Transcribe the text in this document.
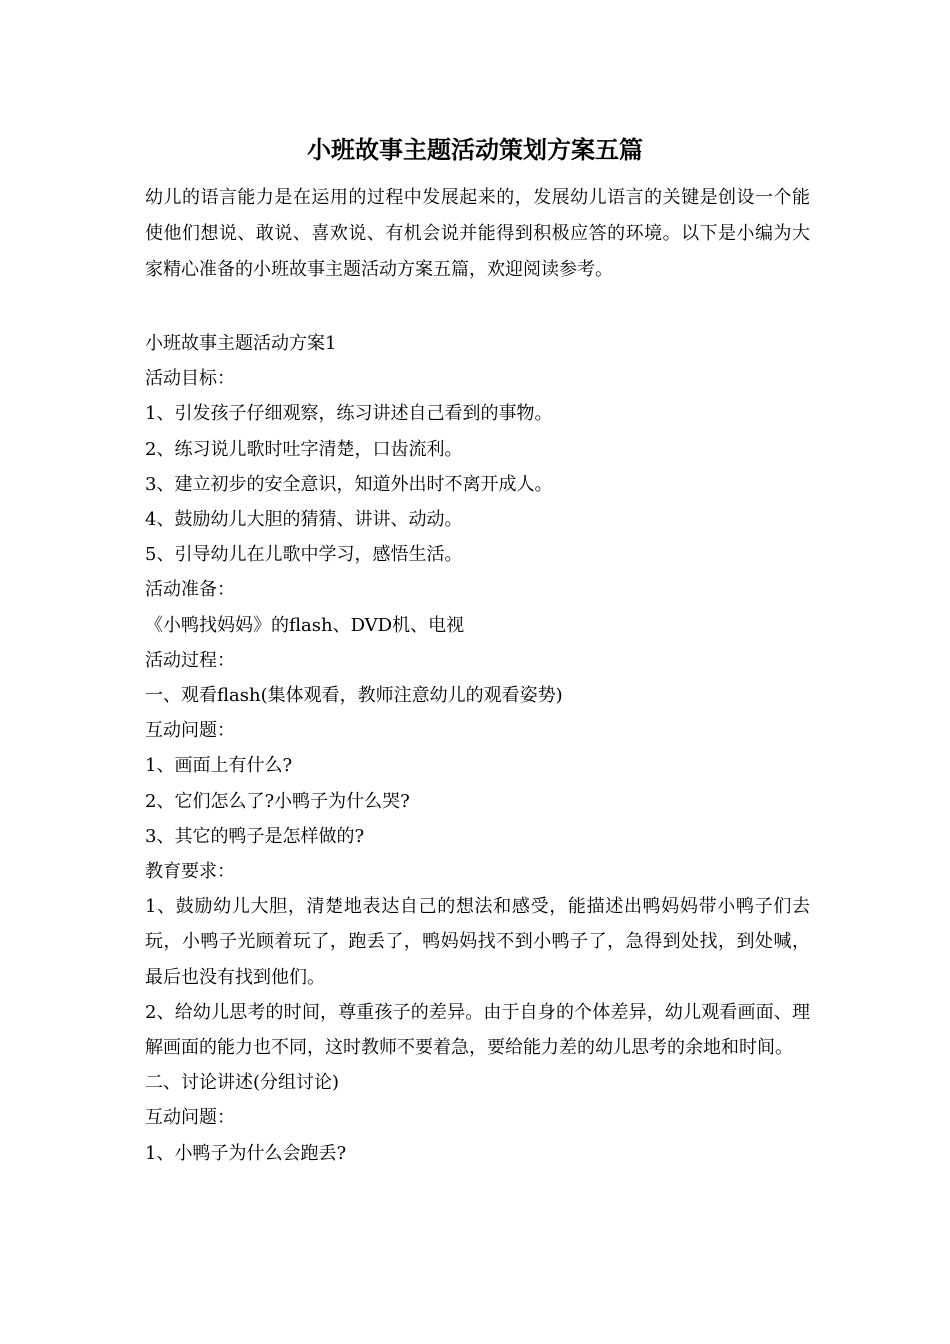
小班故事主题活动策划方案五篇

幼儿的语言能力是在运用的过程中发展起来的，发展幼儿语言的关键是创设一个能使他们想说、敢说、喜欢说、有机会说并能得到积极应答的环境。以下是小编为大家精心准备的小班故事主题活动方案五篇，欢迎阅读参考。

小班故事主题活动方案1

活动目标：

1、引发孩子仔细观察，练习讲述自己看到的事物。

2、练习说儿歌时吐字清楚，口齿流利。

3、建立初步的安全意识，知道外出时不离开成人。

4、鼓励幼儿大胆的猜猜、讲讲、动动。

5、引导幼儿在儿歌中学习，感悟生活。

活动准备：

《小鸭找妈妈》的flash、DVD机、电视

活动过程：

一、观看flash(集体观看，教师注意幼儿的观看姿势)

互动问题：

1、画面上有什么?

2、它们怎么了?小鸭子为什么哭?

3、其它的鸭子是怎样做的?

教育要求：

1、鼓励幼儿大胆，清楚地表达自己的想法和感受，能描述出鸭妈妈带小鸭子们去玩，小鸭子光顾着玩了，跑丢了，鸭妈妈找不到小鸭子了，急得到处找，到处喊，最后也没有找到他们。

2、给幼儿思考的时间，尊重孩子的差异。由于自身的个体差异，幼儿观看画面、理解画面的能力也不同，这时教师不要着急，要给能力差的幼儿思考的余地和时间。

二、讨论讲述(分组讨论)

互动问题：

1、小鸭子为什么会跑丢?
